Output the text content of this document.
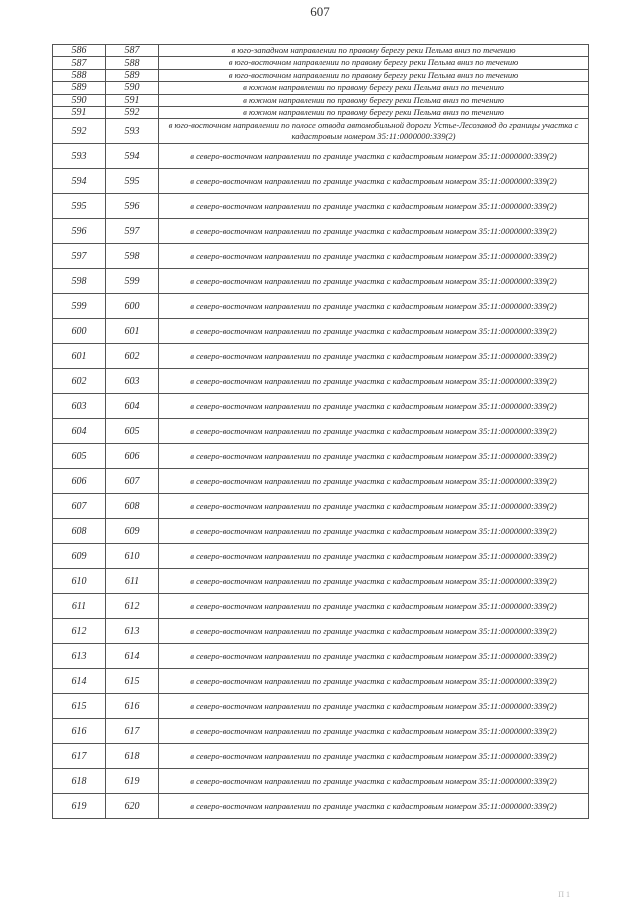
607
586	587	в юго-западном направлении по правому берегу реки Пельма вниз по течению
587	588	в юго-восточном направлении по правому берегу реки Пельма вниз по течению
588	589	в юго-восточном направлении по правому берегу реки Пельма вниз по течению
589	590	в южном направлении по правому берегу реки Пельма вниз по течению
590	591	в южном направлении по правому берегу реки Пельма вниз по течению
591	592	в южном направлении по правому берегу реки Пельма вниз по течению
592	593	в юго-восточном направлении по полосе отвода автомобильной дороги Устье-Лесозавод до границы участка с кадастровым номером 35:11:0000000:339(2)
593	594	в северо-восточном направлении по границе участка с кадастровым номером 35:11:0000000:339(2)
594	595	в северо-восточном направлении по границе участка с кадастровым номером 35:11:0000000:339(2)
595	596	в северо-восточном направлении по границе участка с кадастровым номером 35:11:0000000:339(2)
596	597	в северо-восточном направлении по границе участка с кадастровым номером 35:11:0000000:339(2)
597	598	в северо-восточном направлении по границе участка с кадастровым номером 35:11:0000000:339(2)
598	599	в северо-восточном направлении по границе участка с кадастровым номером 35:11:0000000:339(2)
599	600	в северо-восточном направлении по границе участка с кадастровым номером 35:11:0000000:339(2)
600	601	в северо-восточном направлении по границе участка с кадастровым номером 35:11:0000000:339(2)
601	602	в северо-восточном направлении по границе участка с кадастровым номером 35:11:0000000:339(2)
602	603	в северо-восточном направлении по границе участка с кадастровым номером 35:11:0000000:339(2)
603	604	в северо-восточном направлении по границе участка с кадастровым номером 35:11:0000000:339(2)
604	605	в северо-восточном направлении по границе участка с кадастровым номером 35:11:0000000:339(2)
605	606	в северо-восточном направлении по границе участка с кадастровым номером 35:11:0000000:339(2)
606	607	в северо-восточном направлении по границе участка с кадастровым номером 35:11:0000000:339(2)
607	608	в северо-восточном направлении по границе участка с кадастровым номером 35:11:0000000:339(2)
608	609	в северо-восточном направлении по границе участка с кадастровым номером 35:11:0000000:339(2)
609	610	в северо-восточном направлении по границе участка с кадастровым номером 35:11:0000000:339(2)
610	611	в северо-восточном направлении по границе участка с кадастровым номером 35:11:0000000:339(2)
611	612	в северо-восточном направлении по границе участка с кадастровым номером 35:11:0000000:339(2)
612	613	в северо-восточном направлении по границе участка с кадастровым номером 35:11:0000000:339(2)
613	614	в северо-восточном направлении по границе участка с кадастровым номером 35:11:0000000:339(2)
614	615	в северо-восточном направлении по границе участка с кадастровым номером 35:11:0000000:339(2)
615	616	в северо-восточном направлении по границе участка с кадастровым номером 35:11:0000000:339(2)
616	617	в северо-восточном направлении по границе участка с кадастровым номером 35:11:0000000:339(2)
617	618	в северо-восточном направлении по границе участка с кадастровым номером 35:11:0000000:339(2)
618	619	в северо-восточном направлении по границе участка с кадастровым номером 35:11:0000000:339(2)
619	620	в северо-восточном направлении по границе участка с кадастровым номером 35:11:0000000:339(2)
П 1
